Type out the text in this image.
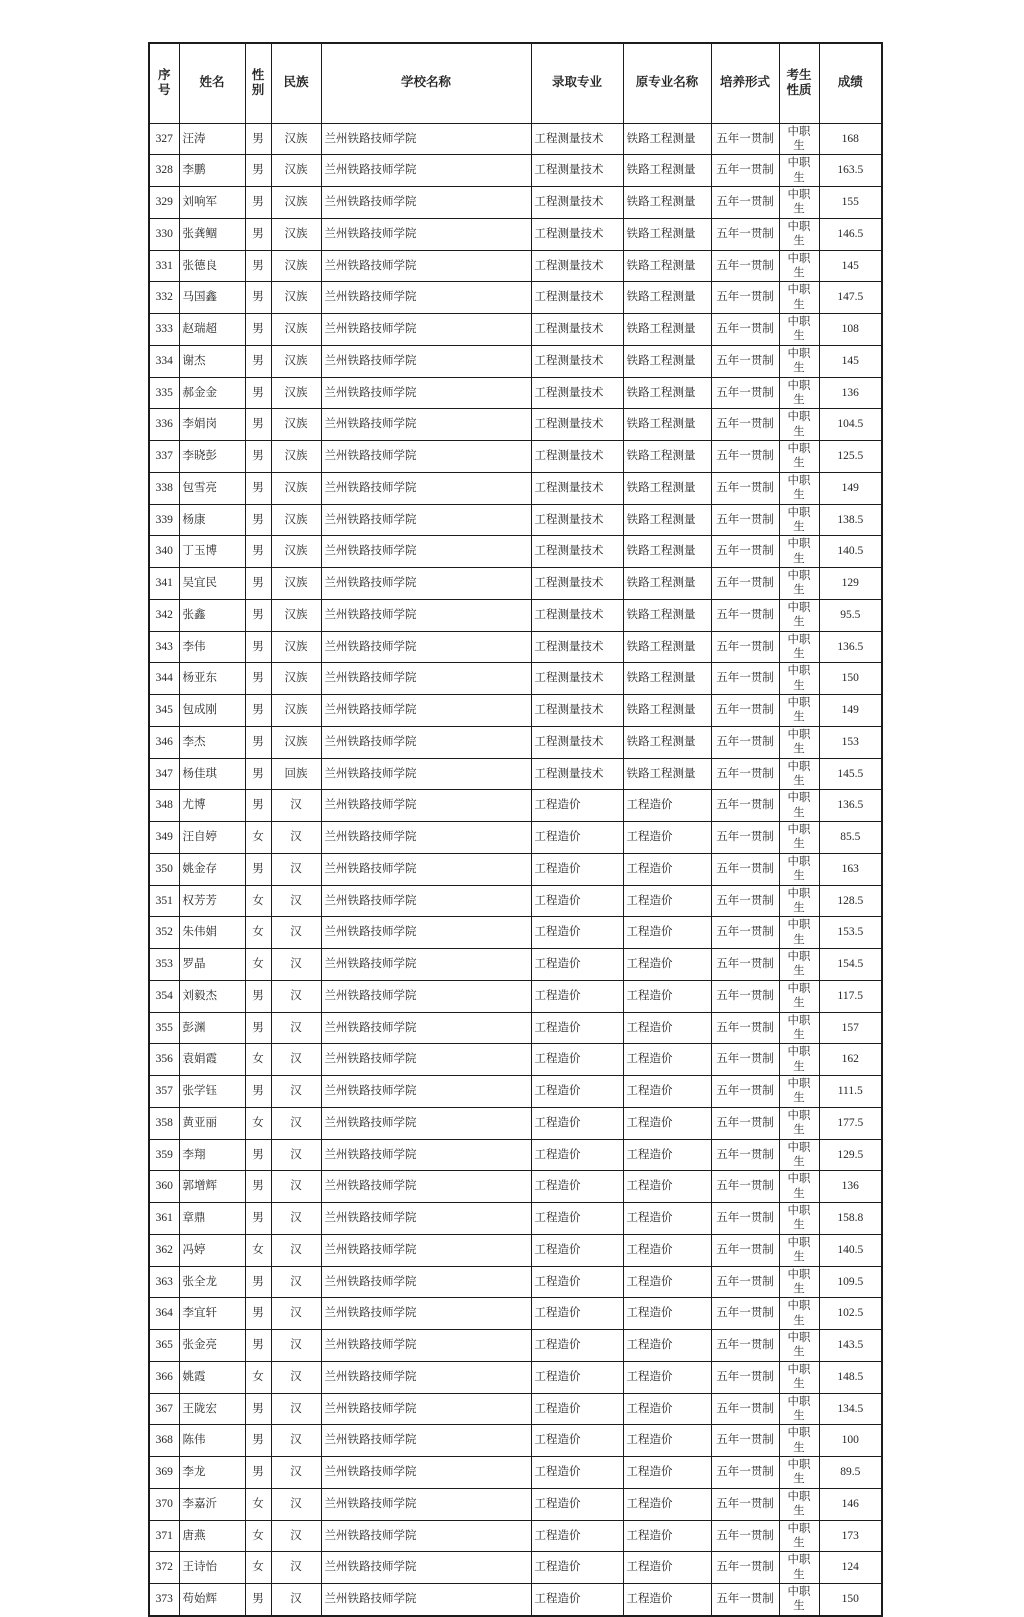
序号	姓名	性别	民族	学校名称	录取专业	原专业名称	培养形式	考生性质	成绩
327	汪涛	男	汉族	兰州铁路技师学院	工程测量技术	铁路工程测量	五年一贯制	中职生	168
328	李鹏	男	汉族	兰州铁路技师学院	工程测量技术	铁路工程测量	五年一贯制	中职生	163.5
329	刘响军	男	汉族	兰州铁路技师学院	工程测量技术	铁路工程测量	五年一贯制	中职生	155
330	张龚鲴	男	汉族	兰州铁路技师学院	工程测量技术	铁路工程测量	五年一贯制	中职生	146.5
331	张德良	男	汉族	兰州铁路技师学院	工程测量技术	铁路工程测量	五年一贯制	中职生	145
332	马国鑫	男	汉族	兰州铁路技师学院	工程测量技术	铁路工程测量	五年一贯制	中职生	147.5
333	赵瑞超	男	汉族	兰州铁路技师学院	工程测量技术	铁路工程测量	五年一贯制	中职生	108
334	谢杰	男	汉族	兰州铁路技师学院	工程测量技术	铁路工程测量	五年一贯制	中职生	145
335	郝金金	男	汉族	兰州铁路技师学院	工程测量技术	铁路工程测量	五年一贯制	中职生	136
336	李娟岗	男	汉族	兰州铁路技师学院	工程测量技术	铁路工程测量	五年一贯制	中职生	104.5
337	李晓彭	男	汉族	兰州铁路技师学院	工程测量技术	铁路工程测量	五年一贯制	中职生	125.5
338	包雪亮	男	汉族	兰州铁路技师学院	工程测量技术	铁路工程测量	五年一贯制	中职生	149
339	杨康	男	汉族	兰州铁路技师学院	工程测量技术	铁路工程测量	五年一贯制	中职生	138.5
340	丁玉博	男	汉族	兰州铁路技师学院	工程测量技术	铁路工程测量	五年一贯制	中职生	140.5
341	吴宜民	男	汉族	兰州铁路技师学院	工程测量技术	铁路工程测量	五年一贯制	中职生	129
342	张鑫	男	汉族	兰州铁路技师学院	工程测量技术	铁路工程测量	五年一贯制	中职生	95.5
343	李伟	男	汉族	兰州铁路技师学院	工程测量技术	铁路工程测量	五年一贯制	中职生	136.5
344	杨亚东	男	汉族	兰州铁路技师学院	工程测量技术	铁路工程测量	五年一贯制	中职生	150
345	包成刚	男	汉族	兰州铁路技师学院	工程测量技术	铁路工程测量	五年一贯制	中职生	149
346	李杰	男	汉族	兰州铁路技师学院	工程测量技术	铁路工程测量	五年一贯制	中职生	153
347	杨佳琪	男	回族	兰州铁路技师学院	工程测量技术	铁路工程测量	五年一贯制	中职生	145.5
348	尤博	男	汉	兰州铁路技师学院	工程造价	工程造价	五年一贯制	中职生	136.5
349	汪自婷	女	汉	兰州铁路技师学院	工程造价	工程造价	五年一贯制	中职生	85.5
350	姚金存	男	汉	兰州铁路技师学院	工程造价	工程造价	五年一贯制	中职生	163
351	权芳芳	女	汉	兰州铁路技师学院	工程造价	工程造价	五年一贯制	中职生	128.5
352	朱伟娟	女	汉	兰州铁路技师学院	工程造价	工程造价	五年一贯制	中职生	153.5
353	罗晶	女	汉	兰州铁路技师学院	工程造价	工程造价	五年一贯制	中职生	154.5
354	刘毅杰	男	汉	兰州铁路技师学院	工程造价	工程造价	五年一贯制	中职生	117.5
355	彭渊	男	汉	兰州铁路技师学院	工程造价	工程造价	五年一贯制	中职生	157
356	袁娟霞	女	汉	兰州铁路技师学院	工程造价	工程造价	五年一贯制	中职生	162
357	张学钰	男	汉	兰州铁路技师学院	工程造价	工程造价	五年一贯制	中职生	111.5
358	黄亚丽	女	汉	兰州铁路技师学院	工程造价	工程造价	五年一贯制	中职生	177.5
359	李翔	男	汉	兰州铁路技师学院	工程造价	工程造价	五年一贯制	中职生	129.5
360	郭增辉	男	汉	兰州铁路技师学院	工程造价	工程造价	五年一贯制	中职生	136
361	章鼎	男	汉	兰州铁路技师学院	工程造价	工程造价	五年一贯制	中职生	158.8
362	冯婷	女	汉	兰州铁路技师学院	工程造价	工程造价	五年一贯制	中职生	140.5
363	张全龙	男	汉	兰州铁路技师学院	工程造价	工程造价	五年一贯制	中职生	109.5
364	李宜轩	男	汉	兰州铁路技师学院	工程造价	工程造价	五年一贯制	中职生	102.5
365	张金亮	男	汉	兰州铁路技师学院	工程造价	工程造价	五年一贯制	中职生	143.5
366	姚霞	女	汉	兰州铁路技师学院	工程造价	工程造价	五年一贯制	中职生	148.5
367	王陇宏	男	汉	兰州铁路技师学院	工程造价	工程造价	五年一贯制	中职生	134.5
368	陈伟	男	汉	兰州铁路技师学院	工程造价	工程造价	五年一贯制	中职生	100
369	李龙	男	汉	兰州铁路技师学院	工程造价	工程造价	五年一贯制	中职生	89.5
370	李嘉沂	女	汉	兰州铁路技师学院	工程造价	工程造价	五年一贯制	中职生	146
371	唐燕	女	汉	兰州铁路技师学院	工程造价	工程造价	五年一贯制	中职生	173
372	王诗怡	女	汉	兰州铁路技师学院	工程造价	工程造价	五年一贯制	中职生	124
373	苟始辉	男	汉	兰州铁路技师学院	工程造价	工程造价	五年一贯制	中职生	150
